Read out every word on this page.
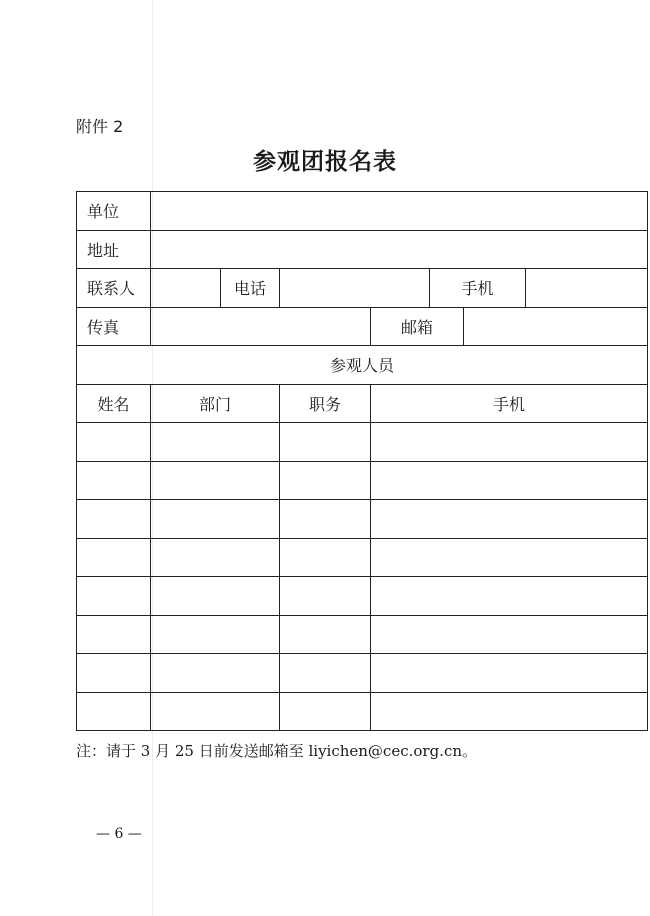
附件 2
参观团报名表
单位							
地址							
联系人		电话			手机		
传真				邮箱			
参观人员							
姓名	部门		职务	手机			

注：请于 3 月 25 日前发送邮箱至 liyichen@cec.org.cn。
— 6 —
